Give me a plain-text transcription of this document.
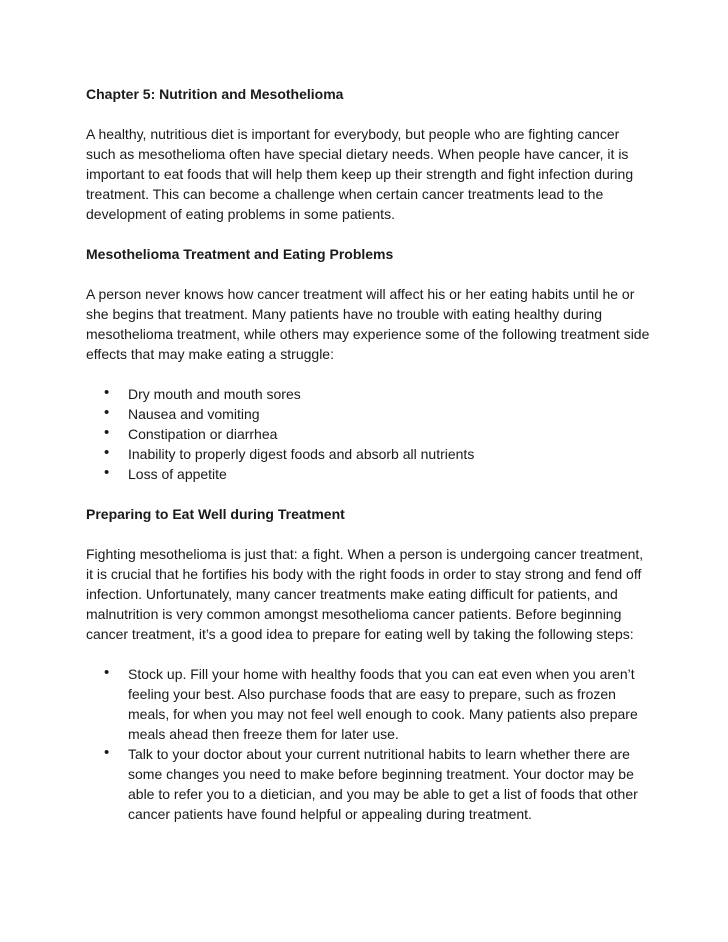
Chapter 5: Nutrition and Mesothelioma

A healthy, nutritious diet is important for everybody, but people who are fighting cancer such as mesothelioma often have special dietary needs. When people have cancer, it is important to eat foods that will help them keep up their strength and fight infection during treatment. This can become a challenge when certain cancer treatments lead to the development of eating problems in some patients.

Mesothelioma Treatment and Eating Problems

A person never knows how cancer treatment will affect his or her eating habits until he or she begins that treatment. Many patients have no trouble with eating healthy during mesothelioma treatment, while others may experience some of the following treatment side effects that may make eating a struggle:

• Dry mouth and mouth sores
• Nausea and vomiting
• Constipation or diarrhea
• Inability to properly digest foods and absorb all nutrients
• Loss of appetite

Preparing to Eat Well during Treatment

Fighting mesothelioma is just that: a fight. When a person is undergoing cancer treatment, it is crucial that he fortifies his body with the right foods in order to stay strong and fend off infection. Unfortunately, many cancer treatments make eating difficult for patients, and malnutrition is very common amongst mesothelioma cancer patients. Before beginning cancer treatment, it’s a good idea to prepare for eating well by taking the following steps:

• Stock up. Fill your home with healthy foods that you can eat even when you aren’t feeling your best. Also purchase foods that are easy to prepare, such as frozen meals, for when you may not feel well enough to cook. Many patients also prepare meals ahead then freeze them for later use.
• Talk to your doctor about your current nutritional habits to learn whether there are some changes you need to make before beginning treatment. Your doctor may be able to refer you to a dietician, and you may be able to get a list of foods that other cancer patients have found helpful or appealing during treatment.
